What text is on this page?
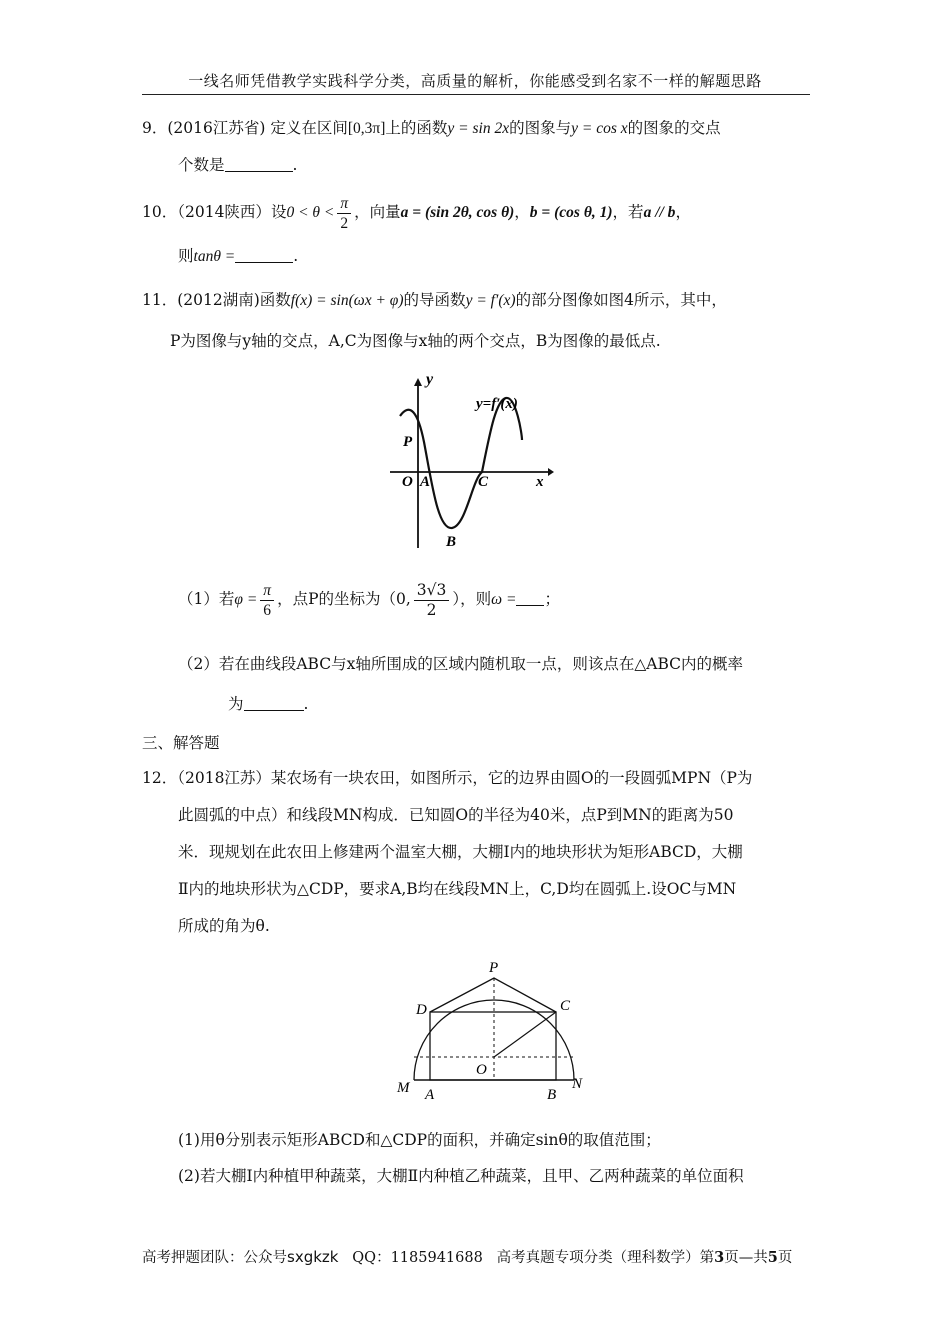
一线名师凭借教学实践科学分类，高质量的解析，你能感受到名家不一样的解题思路
9．(2016江苏省) 定义在区间[0,3π]上的函数y = sin 2x的图象与y = cos x的图象的交点
个数是	.
10．（2014陕西）设$0 < \theta < \frac{\pi}{2}$ ，向量a = (sin 2θ, cos θ)，b = (cos θ, 1)，若a // b，
则tanθ =	.
11．(2012湖南)函数f(x) = sin(ωx + φ)的导函数y = f′(x)的部分图像如图4所示，其中，
P为图像与y轴的交点，A,C为图像与x轴的两个交点，B为图像的最低点.
y
y=f′(x)
P
O A	C	x
B
（1）若$\varphi = \frac{\pi}{6}$ ，点P的坐标为（0, $\frac{3√3}{2}$ ），则ω = ；
（2）若在曲线段ABC与x轴所围成的区域内随机取一点，则该点在△ABC内的概率
为	.
三、解答题
12．（2018江苏）某农场有一块农田，如图所示，它的边界由圆O的一段圆弧MPN（P为
此圆弧的中点）和线段MN构成．已知圆O的半径为40米，点P到MN的距离为50
米．现规划在此农田上修建两个温室大棚，大棚Ⅰ内的地块形状为矩形ABCD，大棚
Ⅱ内的地块形状为△CDP，要求A,B均在线段MN上，C,D均在圆弧上.设OC与MN
所成的角为θ.
P
D	C
O
M A	B
N
(1)用θ分别表示矩形ABCD和△CDP的面积，并确定sinθ的取值范围；
(2)若大棚Ⅰ内种植甲种蔬菜，大棚Ⅱ内种植乙种蔬菜，且甲、乙两种蔬菜的单位面积
高考押题团队：公众号sxgkzk QQ：1185941688 高考真题专项分类（理科数学）第3页—共5页
